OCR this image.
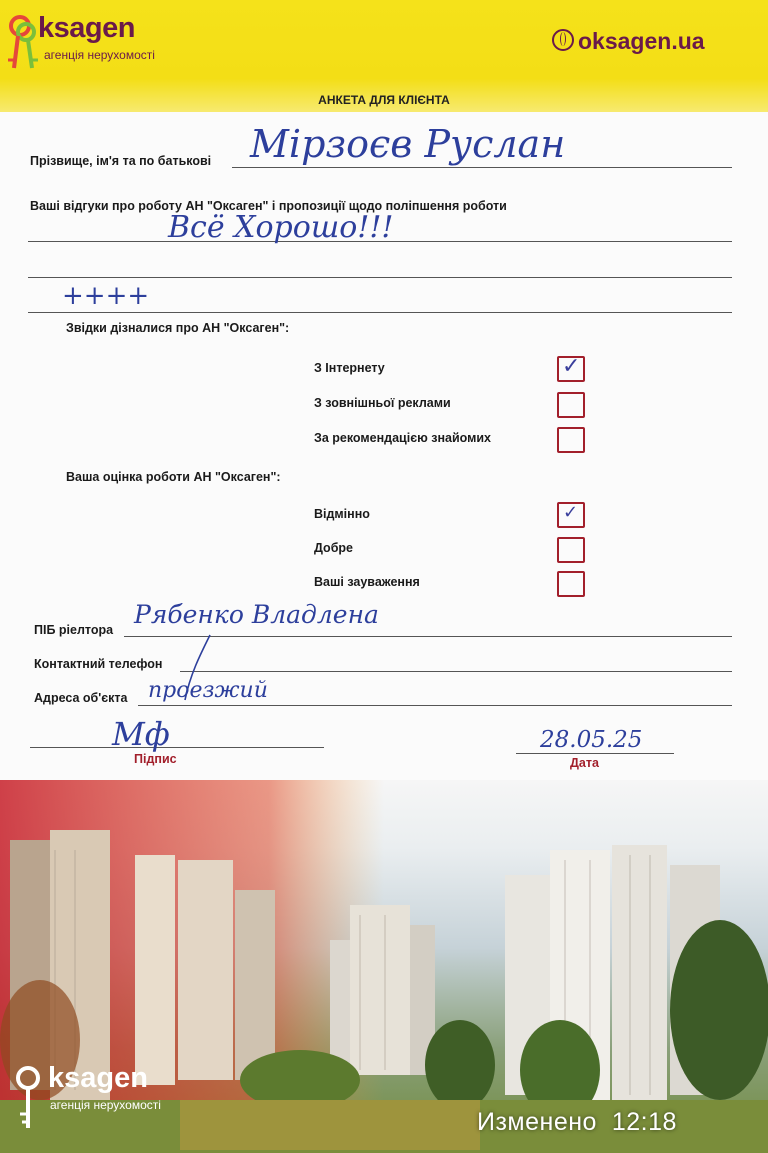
ksagen
агенція нерухомості
oksagen.ua
АНКЕТА ДЛЯ КЛІЄНТА
Прізвище, ім'я та по батькові Мірзоєв Руслан
Ваші відгуки про роботу АН "Оксаген" і пропозиції щодо поліпшення роботи
Всё Хорошо!!!
++++
Звідки дізналися про АН "Оксаген":
З Інтернету	✓
З зовнішньої реклами
За рекомендацією знайомих
Ваша оцінка роботи АН "Оксаген":
Відмінно	✓
Добре
Ваші зауваження
ПІБ ріелтора
Рябенко Владлена
Контактний телефон
Адреса об'єкта проезжий
Мф
Підпис
28.05.25
Дата
ksagen
агенція нерухомості
Изменено 12:18
